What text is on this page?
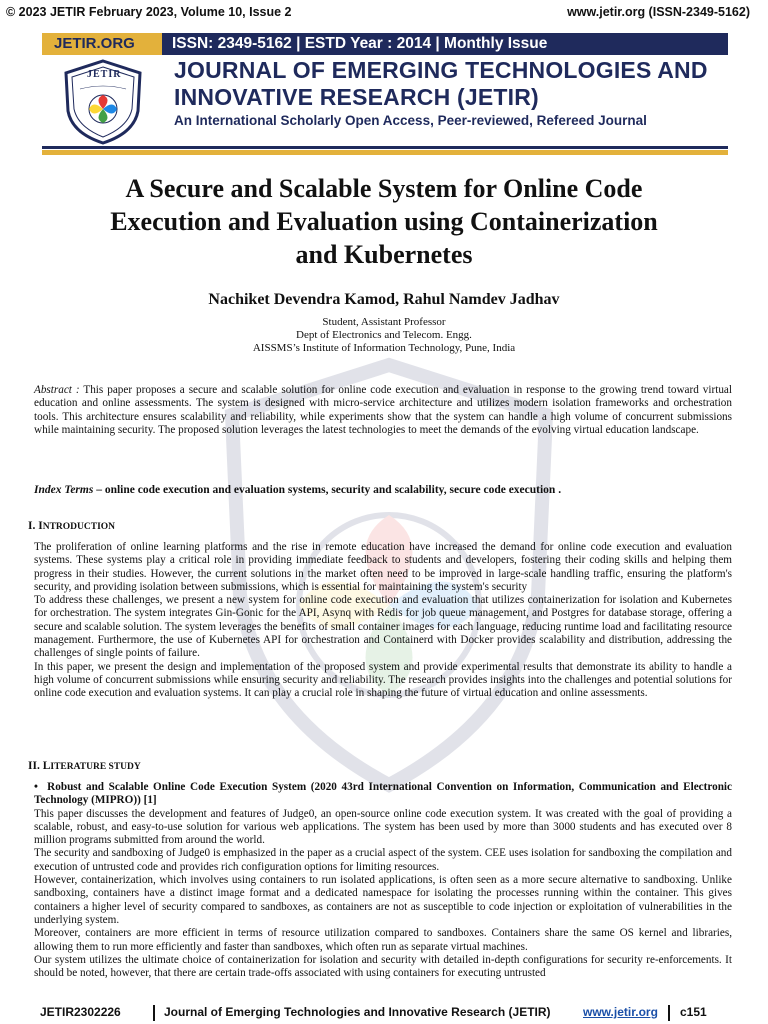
© 2023 JETIR February 2023, Volume 10, Issue 2	www.jetir.org (ISSN-2349-5162)
JETIR.ORG ISSN: 2349-5162 | ESTD Year : 2014 | Monthly Issue
JETIR JOURNAL OF EMERGING TECHNOLOGIES AND
INNOVATIVE RESEARCH (JETIR)
An International Scholarly Open Access, Peer-reviewed, Refereed Journal
A Secure and Scalable System for Online Code
Execution and Evaluation using Containerization
and Kubernetes
Nachiket Devendra Kamod, Rahul Namdev Jadhav
Student, Assistant Professor
Dept of Electronics and Telecom. Engg.
AISSMS’s Institute of Information Technology, Pune, India
Abstract : This paper proposes a secure and scalable solution for online code execution and evaluation in response to the growing trend toward virtual education and online assessments. The system is designed with micro-service architecture and utilizes modern isolation frameworks and orchestration tools. This architecture ensures scalability and reliability, while experiments show that the system can handle a high volume of concurrent submissions while maintaining security. The proposed solution leverages the latest technologies to meet the demands of the evolving virtual education landscape.
Index Terms – online code execution and evaluation systems, security and scalability, secure code execution .
I. INTRODUCTION

The proliferation of online learning platforms and the rise in remote education have increased the demand for online code execution and evaluation systems. These systems play a critical role in providing immediate feedback to students and developers, fostering their coding skills and helping them progress in their studies. However, the current solutions in the market often need to be improved in large-scale handling traffic, ensuring the platform's security, and providing isolation between submissions, which is essential for maintaining the system's security

To address these challenges, we present a new system for online code execution and evaluation that utilizes containerization for isolation and Kubernetes for orchestration. The system integrates Gin-Gonic for the API, Asynq with Redis for job queue management, and Postgres for database storage, offering a secure and scalable solution. The system leverages the benefits of small container images for each language, reducing runtime load and facilitating resource management. Furthermore, the use of Kubernetes API for orchestration and Containerd with Docker provides scalability and distribution, addressing the challenges of single points of failure.

In this paper, we present the design and implementation of the proposed system and provide experimental results that demonstrate its ability to handle a high volume of concurrent submissions while ensuring security and reliability. The research provides insights into the challenges and potential solutions for online code execution and evaluation systems. It can play a crucial role in shaping the future of virtual education and online assessments.

II. LITERATURE STUDY

•  Robust and Scalable Online Code Execution System (2020 43rd International Convention on Information, Communication and Electronic Technology (MIPRO)) [1]

This paper discusses the development and features of Judge0, an open-source online code execution system. It was created with the goal of providing a scalable, robust, and easy-to-use solution for various web applications. The system has been used by more than 3000 students and has executed over 8 million programs submitted from around the world.

The security and sandboxing of Judge0 is emphasized in the paper as a crucial aspect of the system. CEE uses isolation for sandboxing the compilation and execution of untrusted code and provides rich configuration options for limiting resources.

However, containerization, which involves using containers to run isolated applications, is often seen as a more secure alternative to sandboxing. Unlike sandboxing, containers have a distinct image format and a dedicated namespace for isolating the processes running within the container. This gives containers a higher level of security compared to sandboxes, as containers are not as susceptible to code injection or exploitation of vulnerabilities in the underlying system.

Moreover, containers are more efficient in terms of resource utilization compared to sandboxes. Containers share the same OS kernel and libraries, allowing them to run more efficiently and faster than sandboxes, which often run as separate virtual machines.

Our system utilizes the ultimate choice of containerization for isolation and security with detailed in-depth configurations for security re-enforcements. It should be noted, however, that there are certain trade-offs associated with using containers for executing untrusted

JETIR2302226	Journal of Emerging Technologies and Innovative Research (JETIR)	www.jetir.org c151
